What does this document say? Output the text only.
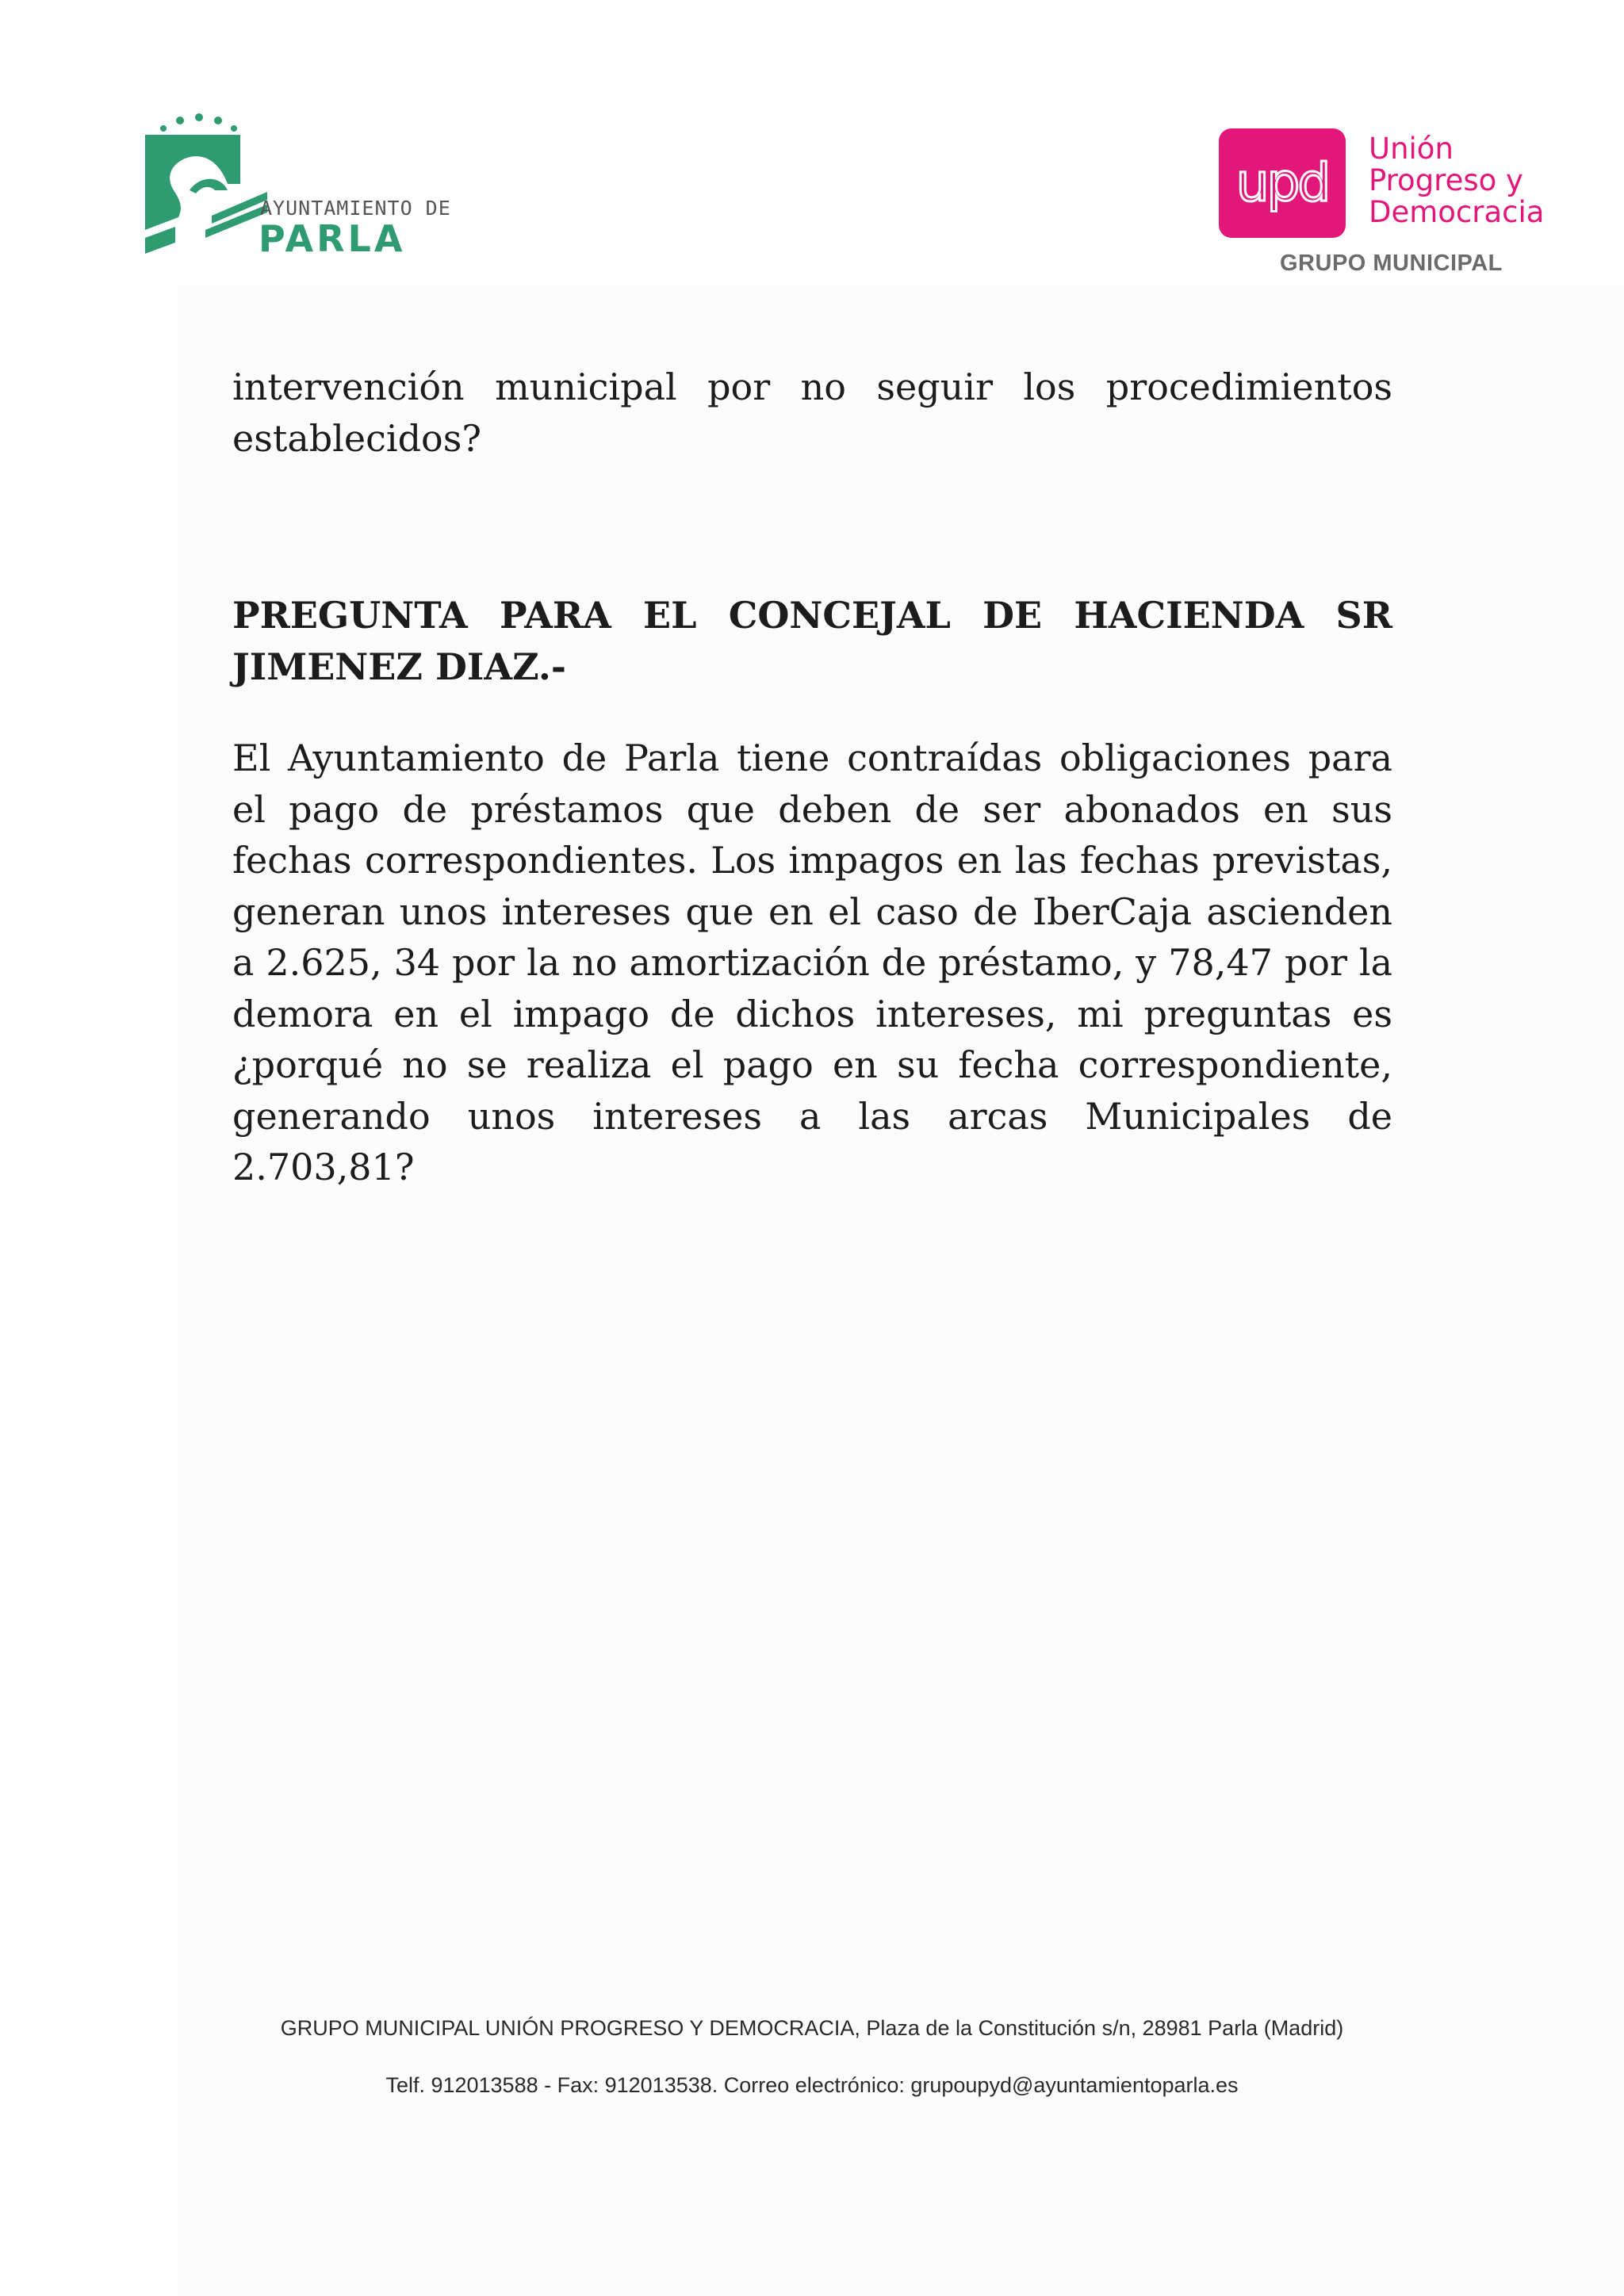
AYUNTAMIENTO DE
PARLA
upd
Unión
Progreso y
Democracia
GRUPO MUNICIPAL
intervención municipal por no seguir los procedimientos establecidos?
PREGUNTA PARA EL CONCEJAL DE HACIENDA SR JIMENEZ DIAZ.-
El Ayuntamiento de Parla tiene contraídas obligaciones para el pago de préstamos que deben de ser abonados en sus fechas correspondientes. Los impagos en las fechas previstas, generan unos intereses que en el caso de IberCaja ascienden a 2.625, 34 por la no amortización de préstamo, y 78,47 por la demora en el impago de dichos intereses, mi preguntas es ¿porqué no se realiza el pago en su fecha correspondiente, generando unos intereses a las arcas Municipales de 2.703,81?
GRUPO MUNICIPAL UNIÓN PROGRESO Y DEMOCRACIA, Plaza de la Constitución s/n, 28981 Parla (Madrid)
Telf. 912013588 - Fax: 912013538. Correo electrónico: grupoupyd@ayuntamientoparla.es
